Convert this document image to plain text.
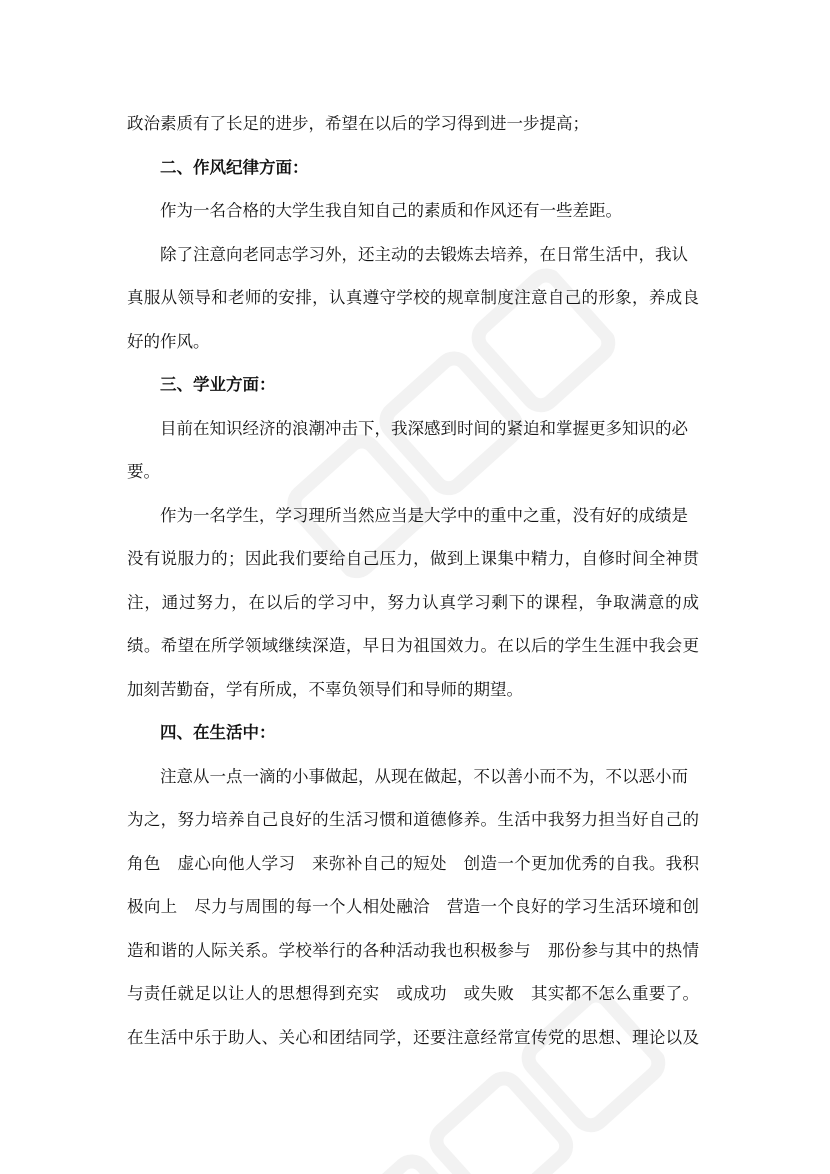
政治素质有了长足的进步，希望在以后的学习得到进一步提高；
二、作风纪律方面：
作为一名合格的大学生我自知自己的素质和作风还有一些差距。
除了注意向老同志学习外，还主动的去锻炼去培养，在日常生活中，我认
真服从领导和老师的安排，认真遵守学校的规章制度注意自己的形象，养成良
好的作风。
三、学业方面：
目前在知识经济的浪潮冲击下，我深感到时间的紧迫和掌握更多知识的必
要。
作为一名学生，学习理所当然应当是大学中的重中之重，没有好的成绩是
没有说服力的；因此我们要给自己压力，做到上课集中精力，自修时间全神贯
注，通过努力，在以后的学习中，努力认真学习剩下的课程，争取满意的成
绩。希望在所学领域继续深造，早日为祖国效力。在以后的学生生涯中我会更
加刻苦勤奋，学有所成，不辜负领导们和导师的期望。
四、在生活中：
注意从一点一滴的小事做起，从现在做起，不以善小而不为，不以恶小而
为之，努力培养自己良好的生活习惯和道德修养。生活中我努力担当好自己的
角色　虚心向他人学习　来弥补自己的短处　创造一个更加优秀的自我。我积
极向上　尽力与周围的每一个人相处融洽　营造一个良好的学习生活环境和创
造和谐的人际关系。学校举行的各种活动我也积极参与　那份参与其中的热情
与责任就足以让人的思想得到充实　或成功　或失败　其实都不怎么重要了。
在生活中乐于助人、关心和团结同学，还要注意经常宣传党的思想、理论以及
